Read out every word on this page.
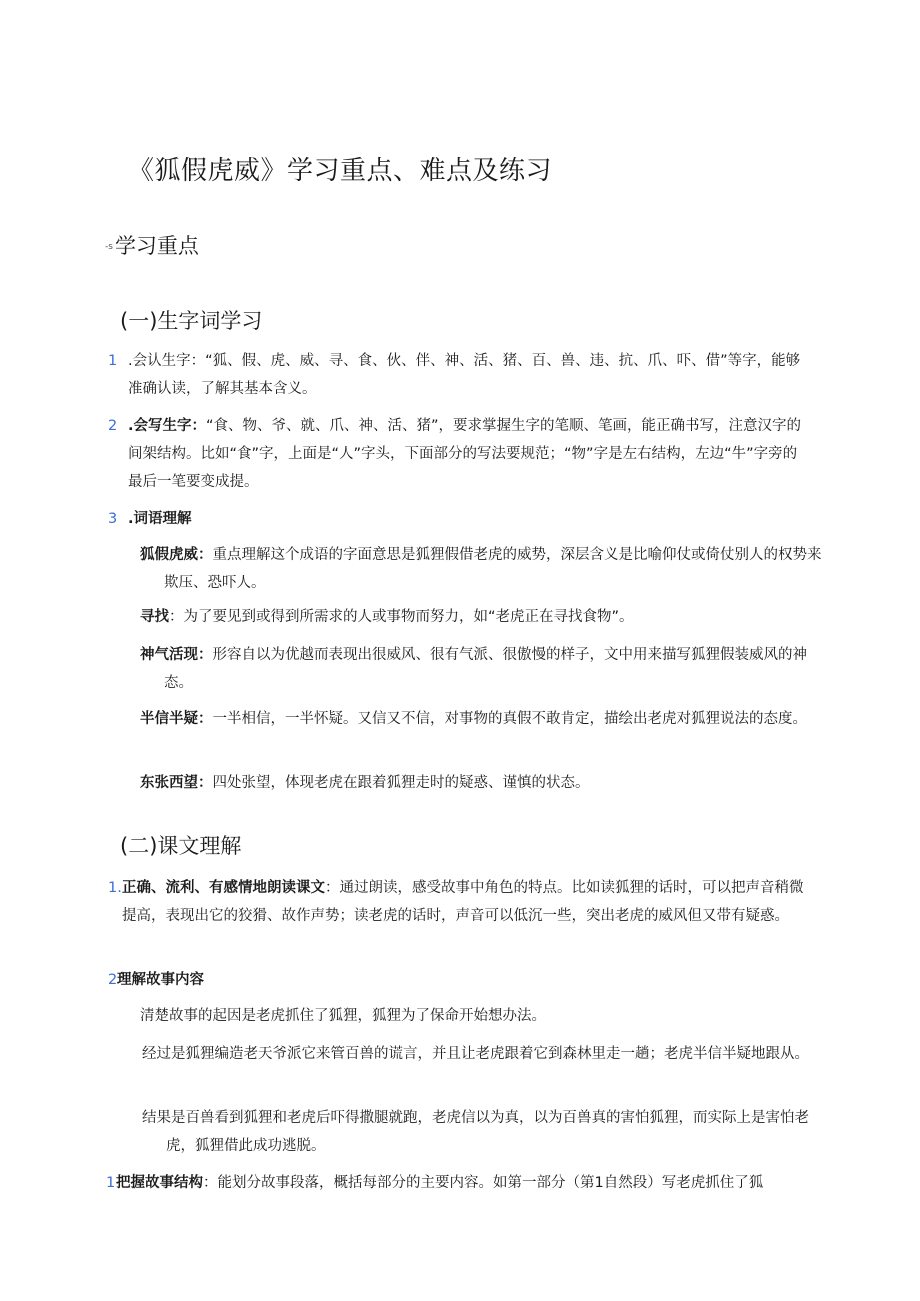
《狐假虎威》学习重点、难点及练习
-s学习重点
(一)生字词学习
1 .会认生字：“狐、假、虎、威、寻、食、伙、伴、神、活、猪、百、兽、违、抗、爪、吓、借”等字，能够准确认读，了解其基本含义。

2 .会写生字：“食、物、爷、就、爪、神、活、猪”，要求掌握生字的笔顺、笔画，能正确书写，注意汉字的间架结构。比如“食”字，上面是“人”字头，下面部分的写法要规范；“物”字是左右结构，左边“牛”字旁的最后一笔要变成提。

3 .词语理解

狐假虎威：重点理解这个成语的字面意思是狐狸假借老虎的威势，深层含义是比喻仰仗或倚仗别人的权势来欺压、恐吓人。

寻找：为了要见到或得到所需求的人或事物而努力，如“老虎正在寻找食物”。

神气活现：形容自以为优越而表现出很威风、很有气派、很傲慢的样子，文中用来描写狐狸假装威风的神态。

半信半疑：一半相信，一半怀疑。又信又不信，对事物的真假不敢肯定，描绘出老虎对狐狸说法的态度。

东张西望：四处张望，体现老虎在跟着狐狸走时的疑惑、谨慎的状态。

(二)课文理解
1. 正确、流利、有感情地朗读课文：通过朗读，感受故事中角色的特点。比如读狐狸的话时，可以把声音稍微提高，表现出它的狡猾、故作声势；读老虎的话时，声音可以低沉一些，突出老虎的威风但又带有疑惑。

2 理解故事内容

清楚故事的起因是老虎抓住了狐狸，狐狸为了保命开始想办法。

经过是狐狸编造老天爷派它来管百兽的谎言，并且让老虎跟着它到森林里走一趟；老虎半信半疑地跟从。

结果是百兽看到狐狸和老虎后吓得撒腿就跑，老虎信以为真，以为百兽真的害怕狐狸，而实际上是害怕老虎，狐狸借此成功逃脱。

1 把握故事结构：能划分故事段落，概括每部分的主要内容。如第一部分（第1自然段）写老虎抓住了狐
